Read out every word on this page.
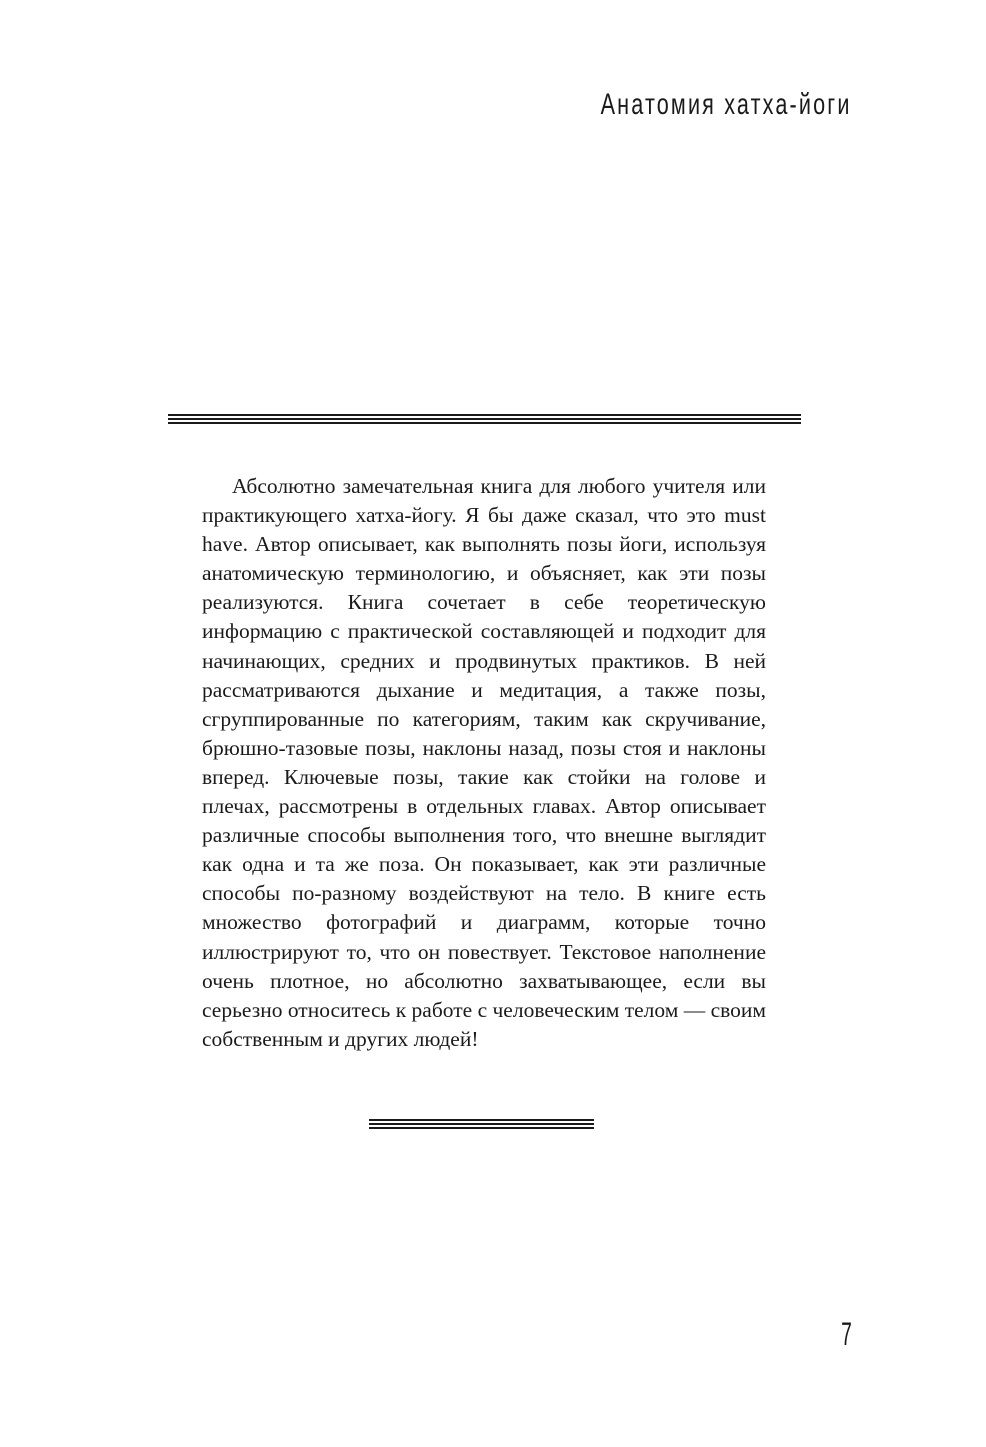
Анатомия хатха-йоги

Абсолютно замечательная книга для любого учителя или практикующего хатха-йогу. Я бы даже сказал, что это must have. Автор описывает, как выполнять позы йоги, используя анатомическую терминологию, и объясняет, как эти позы реализуются. Книга сочетает в себе теоретическую информацию с практической составляющей и подходит для начинающих, средних и продвинутых практиков. В ней рассматриваются дыхание и медитация, а также позы, сгруппированные по категориям, таким как скручивание, брюшно-тазовые позы, наклоны назад, позы стоя и наклоны вперед. Ключевые позы, такие как стойки на голове и плечах, рассмотрены в отдельных главах. Автор описывает различные способы выполнения того, что внешне выглядит как одна и та же поза. Он показывает, как эти различные способы по-разному воздействуют на тело. В книге есть множество фотографий и диаграмм, которые точно иллюстрируют то, что он повествует. Текстовое наполнение очень плотное, но абсолютно захватывающее, если вы серьезно относитесь к работе с человеческим телом — своим собственным и других людей!

7
